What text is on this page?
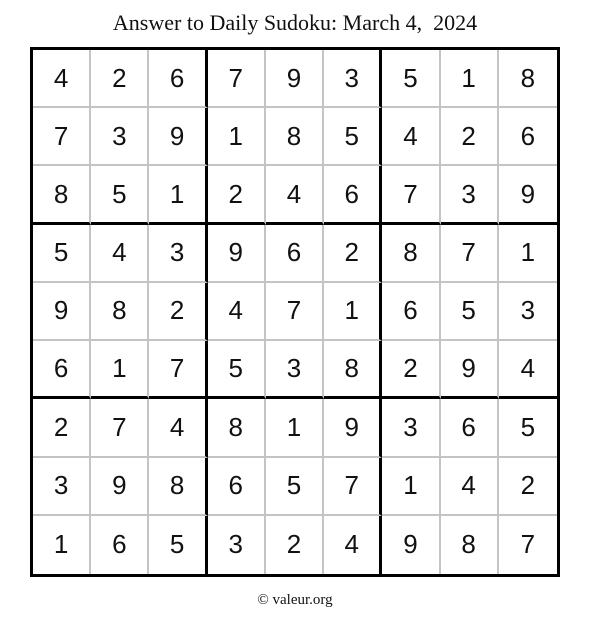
Answer to Daily Sudoku: March 4,  2024
4	2	6	7	9	3	5	1	8
7	3	9	1	8	5	4	2	6
8	5	1	2	4	6	7	3	9
5	4	3	9	6	2	8	7	1
9	8	2	4	7	1	6	5	3
6	1	7	5	3	8	2	9	4
2	7	4	8	1	9	3	6	5
3	9	8	6	5	7	1	4	2
1	6	5	3	2	4	9	8	7
© valeur.org
